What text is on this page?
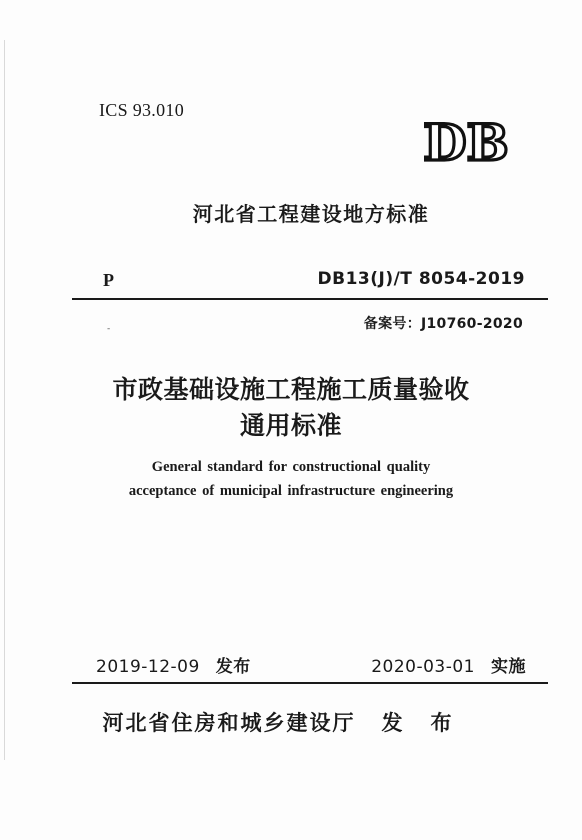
ICS 93.010
DB
河北省工程建设地方标准
P	DB13(J)/T 8054-2019
-	备案号：J10760-2020
市政基础设施工程施工质量验收
通用标准
General standard for constructional quality
acceptance of municipal infrastructure engineering
2019-12-09 发布	2020-03-01 实施
河北省住房和城乡建设厅 发布
